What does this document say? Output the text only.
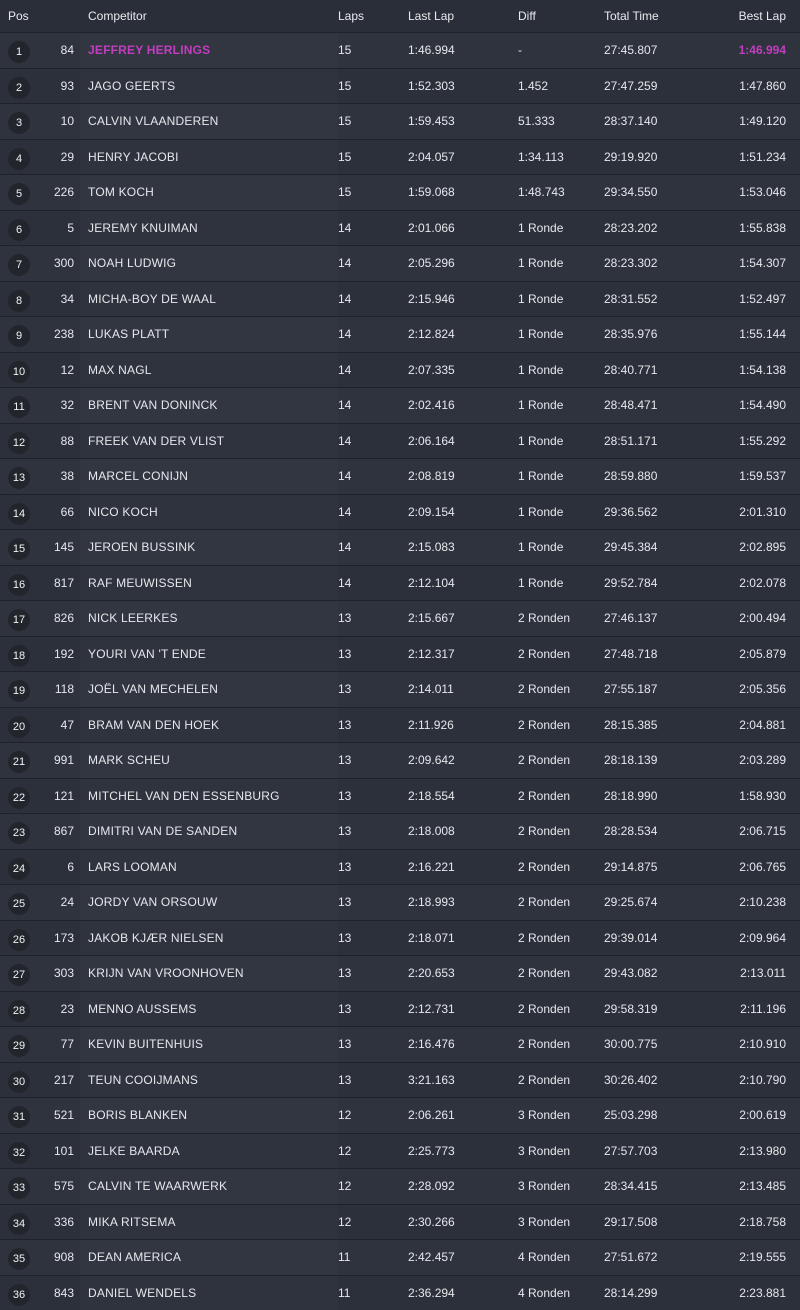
Pos	Competitor	Laps	Last Lap	Diff	Total Time	Best Lap
1	84 JEFFREY HERLINGS	15	1:46.994	-	27:45.807	1:46.994
2	93 JAGO GEERTS	15	1:52.303	1.452	27:47.259	1:47.860
3	10 CALVIN VLAANDEREN	15	1:59.453	51.333	28:37.140	1:49.120
4	29 HENRY JACOBI	15	2:04.057	1:34.113	29:19.920	1:51.234
5	226 TOM KOCH	15	1:59.068	1:48.743	29:34.550	1:53.046
6	5 JEREMY KNUIMAN	14	2:01.066	1 Ronde	28:23.202	1:55.838
7	300 NOAH LUDWIG	14	2:05.296	1 Ronde	28:23.302	1:54.307
8	34 MICHA-BOY DE WAAL	14	2:15.946	1 Ronde	28:31.552	1:52.497
9	238 LUKAS PLATT	14	2:12.824	1 Ronde	28:35.976	1:55.144
10	12 MAX NAGL	14	2:07.335	1 Ronde	28:40.771	1:54.138
11	32 BRENT VAN DONINCK	14	2:02.416	1 Ronde	28:48.471	1:54.490
12	88 FREEK VAN DER VLIST	14	2:06.164	1 Ronde	28:51.171	1:55.292
13	38 MARCEL CONIJN	14	2:08.819	1 Ronde	28:59.880	1:59.537
14	66 NICO KOCH	14	2:09.154	1 Ronde	29:36.562	2:01.310
15	145 JEROEN BUSSINK	14	2:15.083	1 Ronde	29:45.384	2:02.895
16	817 RAF MEUWISSEN	14	2:12.104	1 Ronde	29:52.784	2:02.078
17	826 NICK LEERKES	13	2:15.667	2 Ronden	27:46.137	2:00.494
18	192 YOURI VAN 'T ENDE	13	2:12.317	2 Ronden	27:48.718	2:05.879
19	118 JOËL VAN MECHELEN	13	2:14.011	2 Ronden	27:55.187	2:05.356
20	47 BRAM VAN DEN HOEK	13	2:11.926	2 Ronden	28:15.385	2:04.881
21	991 MARK SCHEU	13	2:09.642	2 Ronden	28:18.139	2:03.289
22	121 MITCHEL VAN DEN ESSENBURG	13	2:18.554	2 Ronden	28:18.990	1:58.930
23	867 DIMITRI VAN DE SANDEN	13	2:18.008	2 Ronden	28:28.534	2:06.715
24	6 LARS LOOMAN	13	2:16.221	2 Ronden	29:14.875	2:06.765
25	24 JORDY VAN ORSOUW	13	2:18.993	2 Ronden	29:25.674	2:10.238
26	173 JAKOB KJÆR NIELSEN	13	2:18.071	2 Ronden	29:39.014	2:09.964
27	303 KRIJN VAN VROONHOVEN	13	2:20.653	2 Ronden	29:43.082	2:13.011
28	23 MENNO AUSSEMS	13	2:12.731	2 Ronden	29:58.319	2:11.196
29	77 KEVIN BUITENHUIS	13	2:16.476	2 Ronden	30:00.775	2:10.910
30	217 TEUN COOIJMANS	13	3:21.163	2 Ronden	30:26.402	2:10.790
31	521 BORIS BLANKEN	12	2:06.261	3 Ronden	25:03.298	2:00.619
32	101 JELKE BAARDA	12	2:25.773	3 Ronden	27:57.703	2:13.980
33	575 CALVIN TE WAARWERK	12	2:28.092	3 Ronden	28:34.415	2:13.485
34	336 MIKA RITSEMA	12	2:30.266	3 Ronden	29:17.508	2:18.758
35	908 DEAN AMERICA	11	2:42.457	4 Ronden	27:51.672	2:19.555
36	843 DANIEL WENDELS	11	2:36.294	4 Ronden	28:14.299	2:23.881
